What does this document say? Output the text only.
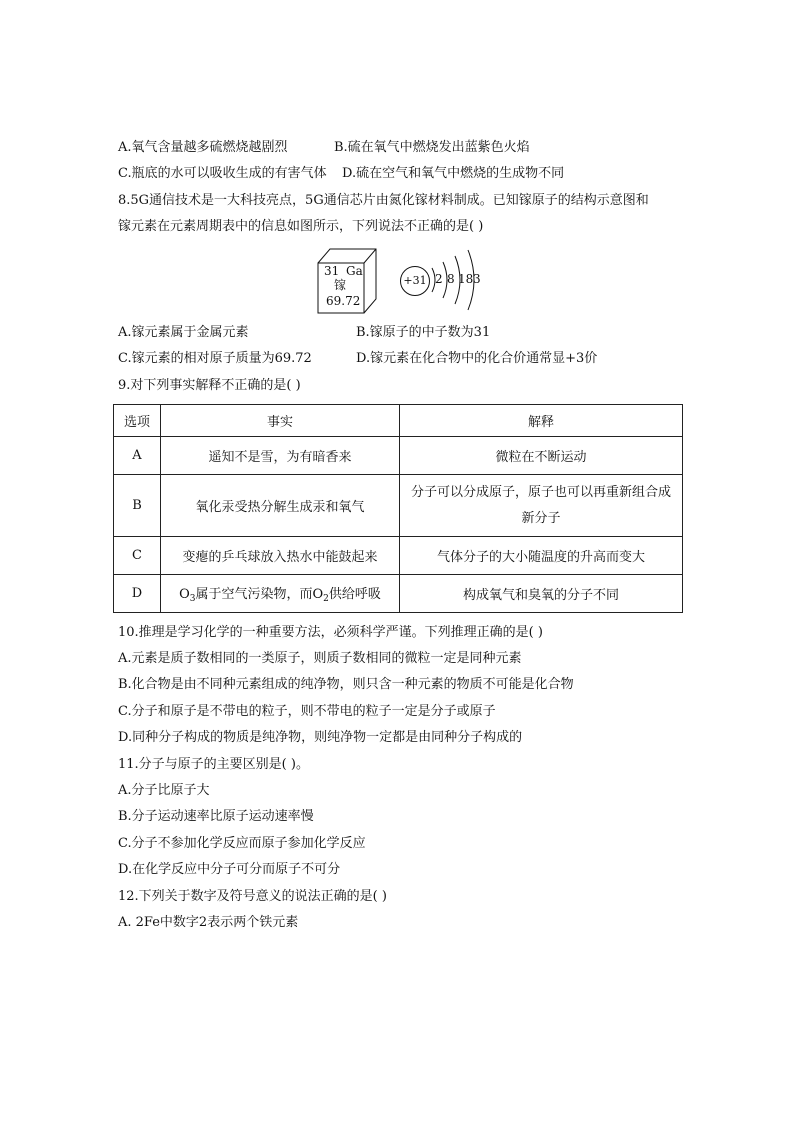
A.氧气含量越多硫燃烧越剧烈	B.硫在氧气中燃烧发出蓝紫色火焰
C.瓶底的水可以吸收生成的有害气体 D.硫在空气和氧气中燃烧的生成物不同
8.5G通信技术是一大科技亮点，5G通信芯片由氮化镓材料制成。已知镓原子的结构示意图和
镓元素在元素周期表中的信息如图所示，下列说法不正确的是( )
31 Ga
镓
69.72
+31 2 8 18 3
A.镓元素属于金属元素	B.镓原子的中子数为31
C.镓元素的相对原子质量为69.72	D.镓元素在化合物中的化合价通常显+3价
9.对下列事实解释不正确的是( )
选项	事实	解释
A	遥知不是雪，为有暗香来	微粒在不断运动
B	氧化汞受热分解生成汞和氧气	分子可以分成原子，原子也可以再重新组合成
新分子
C	变瘪的乒乓球放入热水中能鼓起来	气体分子的大小随温度的升高而变大
D	$O_3$属于空气污染物，而$O_2$供给呼吸	构成氧气和臭氧的分子不同
10.推理是学习化学的一种重要方法，必须科学严谨。下列推理正确的是( )
A.元素是质子数相同的一类原子，则质子数相同的微粒一定是同种元素
B.化合物是由不同种元素组成的纯净物，则只含一种元素的物质不可能是化合物
C.分子和原子是不带电的粒子，则不带电的粒子一定是分子或原子
D.同种分子构成的物质是纯净物，则纯净物一定都是由同种分子构成的
11.分子与原子的主要区别是( )。
A.分子比原子大
B.分子运动速率比原子运动速率慢
C.分子不参加化学反应而原子参加化学反应
D.在化学反应中分子可分而原子不可分
12.下列关于数字及符号意义的说法正确的是( )
A. 2Fe中数字2表示两个铁元素
